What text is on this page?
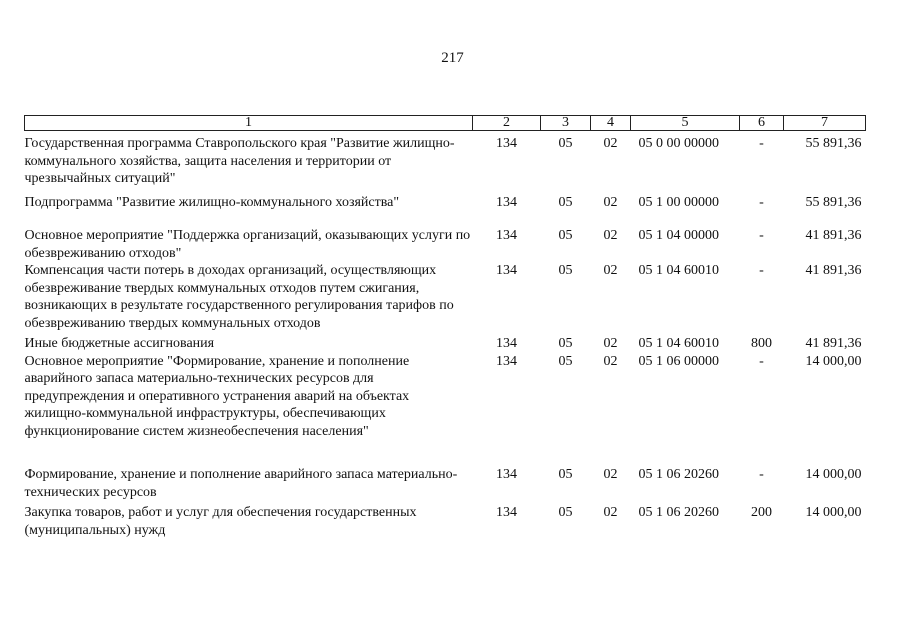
217
1	2	3	4	5	6	7
Государственная программа Ставропольского края "Развитие жилищно-коммунального хозяйства, защита населения и территории от чрезвычайных ситуаций"	134	05	02	05 0 00 00000	-	55 891,36
Подпрограмма "Развитие жилищно-коммунального хозяйства"	134	05	02	05 1 00 00000	-	55 891,36
Основное мероприятие "Поддержка организаций, оказывающих услуги по обезвреживанию отходов"	134	05	02	05 1 04 00000	-	41 891,36
Компенсация части потерь в доходах организаций, осуществляющих обезвреживание твердых коммунальных отходов путем сжигания, возникающих в результате государственного регулирования тарифов по обезвреживанию твердых коммунальных отходов	134	05	02	05 1 04 60010	-	41 891,36
Иные бюджетные ассигнования	134	05	02	05 1 04 60010	800	41 891,36
Основное мероприятие "Формирование, хранение и пополнение аварийного запаса материально-технических ресурсов для предупреждения и оперативного устранения аварий на объектах жилищно-коммунальной инфраструктуры, обеспечивающих функционирование систем жизнеобеспечения населения"	134	05	02	05 1 06 00000	-	14 000,00
Формирование, хранение и пополнение аварийного запаса материально-технических ресурсов	134	05	02	05 1 06 20260	-	14 000,00
Закупка товаров, работ и услуг для обеспечения государственных (муниципальных) нужд	134	05	02	05 1 06 20260	200	14 000,00
